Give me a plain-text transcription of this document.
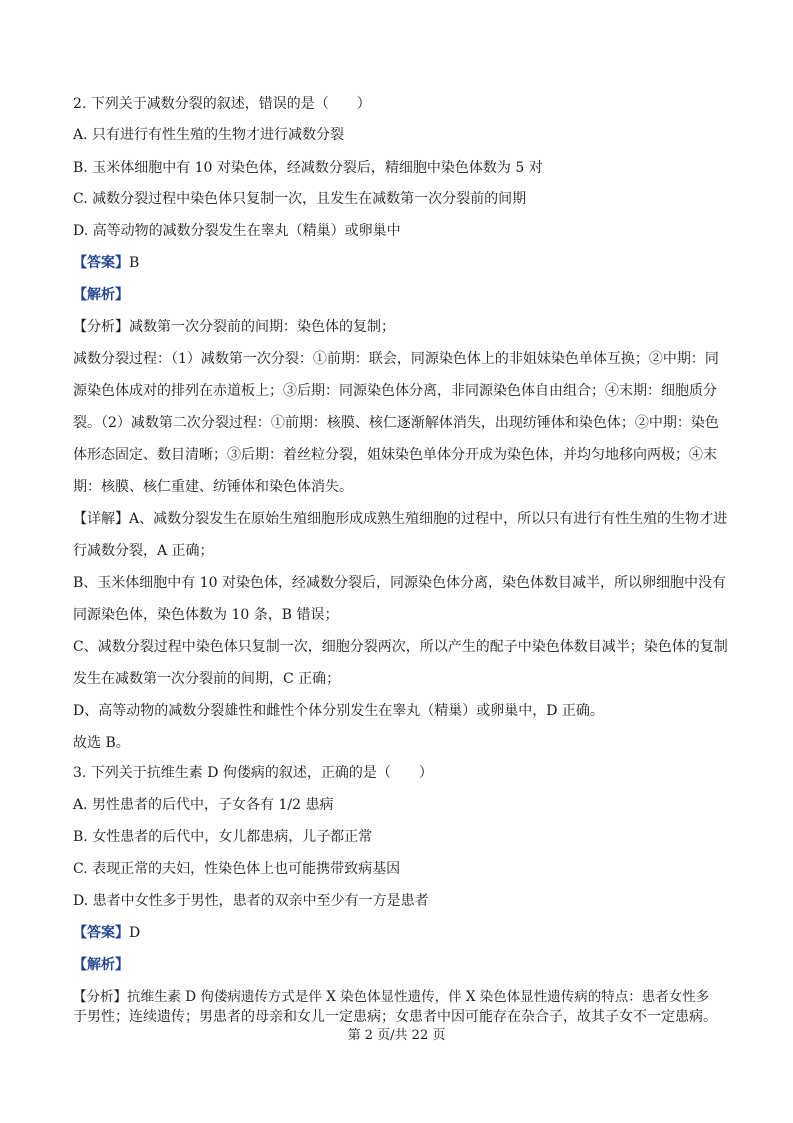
2. 下列关于减数分裂的叙述，错误的是（　　）
A. 只有进行有性生殖的生物才进行减数分裂
B. 玉米体细胞中有 10 对染色体，经减数分裂后，精细胞中染色体数为 5 对
C. 减数分裂过程中染色体只复制一次，且发生在减数第一次分裂前的间期
D. 高等动物的减数分裂发生在睾丸（精巢）或卵巢中
【答案】B
【解析】
【分析】减数第一次分裂前的间期：染色体的复制；
减数分裂过程：（1）减数第一次分裂：①前期：联会，同源染色体上的非姐妹染色单体互换；②中期：同
源染色体成对的排列在赤道板上；③后期：同源染色体分离，非同源染色体自由组合；④末期：细胞质分
裂。（2）减数第二次分裂过程：①前期：核膜、核仁逐渐解体消失，出现纺锤体和染色体；②中期：染色
体形态固定、数目清晰；③后期：着丝粒分裂，姐妹染色单体分开成为染色体，并均匀地移向两极；④末
期：核膜、核仁重建、纺锤体和染色体消失。
【详解】A、减数分裂发生在原始生殖细胞形成成熟生殖细胞的过程中，所以只有进行有性生殖的生物才进
行减数分裂，A 正确；
B、玉米体细胞中有 10 对染色体，经减数分裂后，同源染色体分离，染色体数目减半，所以卵细胞中没有
同源染色体，染色体数为 10 条，B 错误；
C、减数分裂过程中染色体只复制一次，细胞分裂两次，所以产生的配子中染色体数目减半；染色体的复制
发生在减数第一次分裂前的间期，C 正确；
D、高等动物的减数分裂雄性和雌性个体分别发生在睾丸（精巢）或卵巢中，D 正确。
故选 B。
3. 下列关于抗维生素 D 佝偻病的叙述，正确的是（　　）
A. 男性患者的后代中，子女各有 1/2 患病
B. 女性患者的后代中，女儿都患病，儿子都正常
C. 表现正常的夫妇，性染色体上也可能携带致病基因
D. 患者中女性多于男性，患者的双亲中至少有一方是患者
【答案】D
【解析】
【分析】抗维生素 D 佝偻病遗传方式是伴 X 染色体显性遗传，伴 X 染色体显性遗传病的特点：患者女性多
于男性；连续遗传；男患者的母亲和女儿一定患病；女患者中因可能存在杂合子，故其子女不一定患病。
第 2 页/共 22 页
